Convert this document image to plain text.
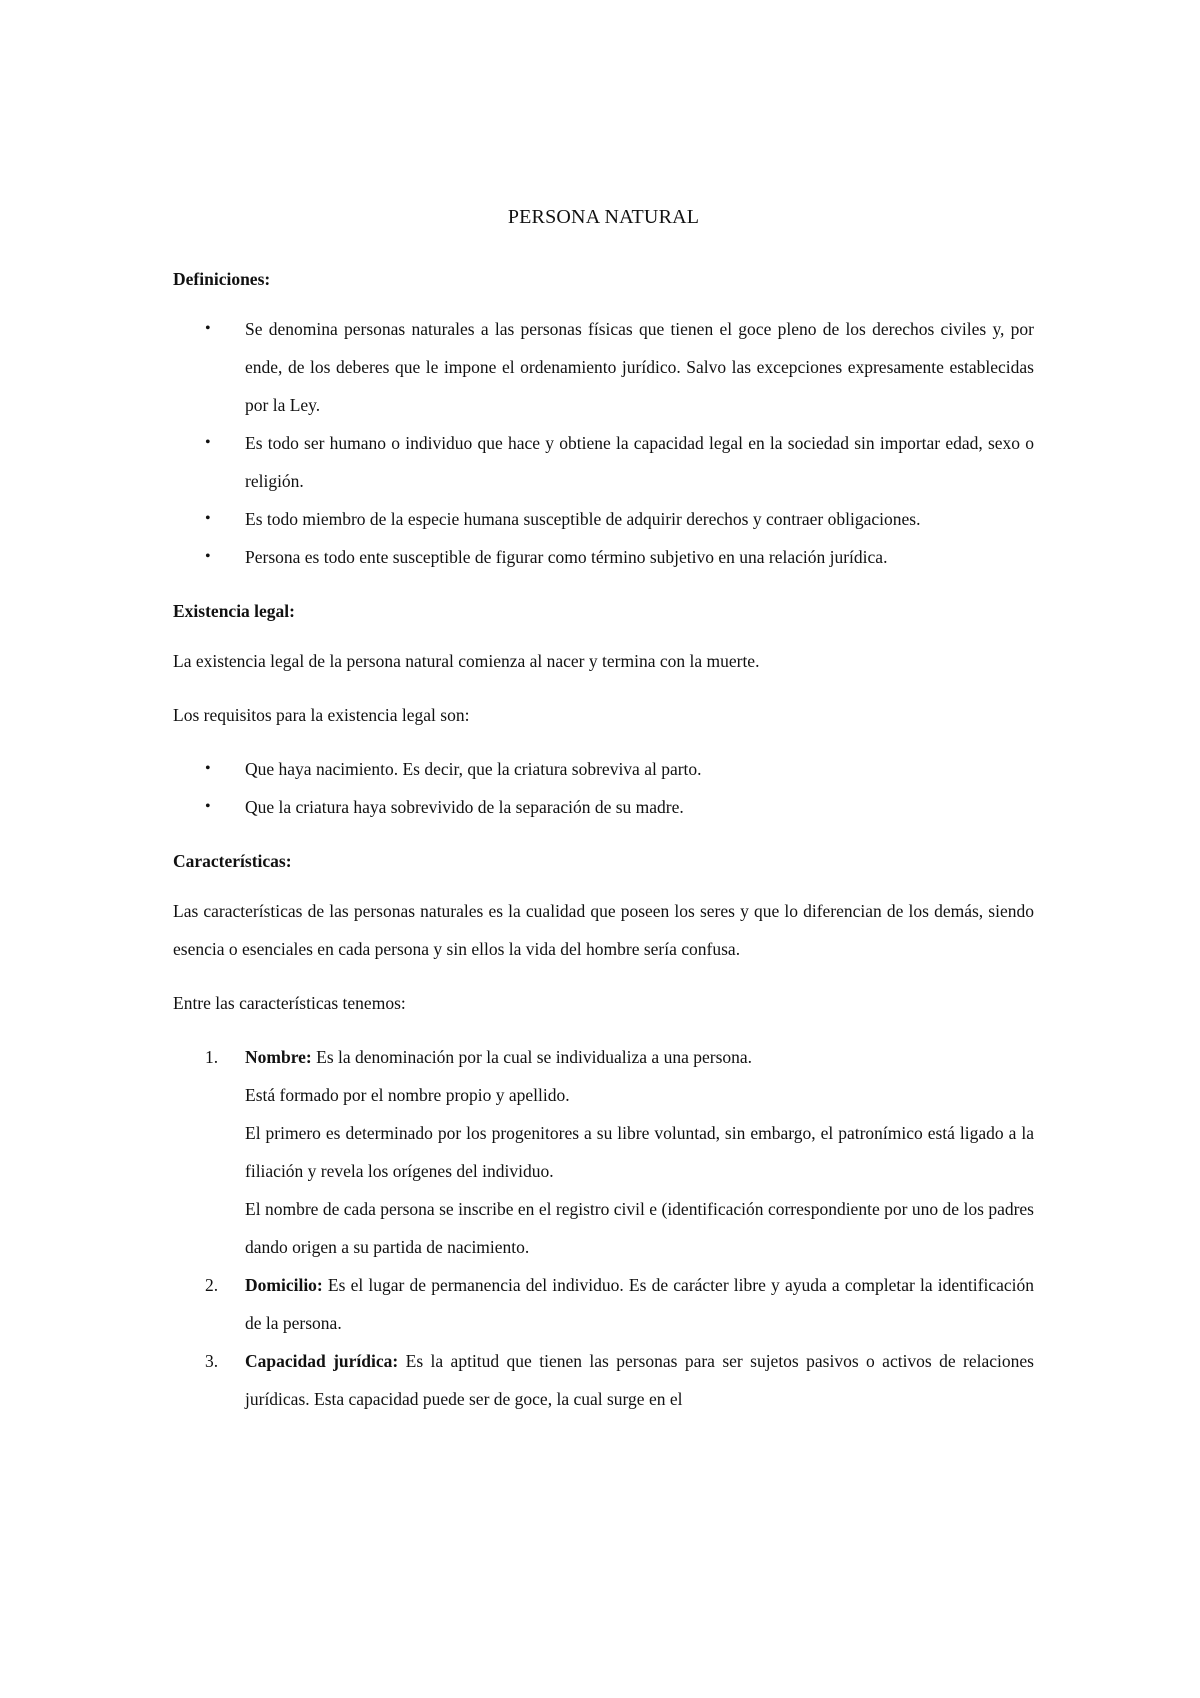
PERSONA NATURAL
Definiciones:
• Se denomina personas naturales a las personas físicas que tienen el goce pleno de los derechos civiles y, por ende, de los deberes que le impone el ordenamiento jurídico. Salvo las excepciones expresamente establecidas por la Ley.
• Es todo ser humano o individuo que hace y obtiene la capacidad legal en la sociedad sin importar edad, sexo o religión.
• Es todo miembro de la especie humana susceptible de adquirir derechos y contraer obligaciones.
• Persona es todo ente susceptible de figurar como término subjetivo en una relación jurídica.
Existencia legal:

La existencia legal de la persona natural comienza al nacer y termina con la muerte.

Los requisitos para la existencia legal son:

• Que haya nacimiento. Es decir, que la criatura sobreviva al parto.
• Que la criatura haya sobrevivido de la separación de su madre.
Características:

Las características de las personas naturales es la cualidad que poseen los seres y que lo diferencian de los demás, siendo esencia o esenciales en cada persona y sin ellos la vida del hombre sería confusa.

Entre las características tenemos:

1. Nombre: Es la denominación por la cual se individualiza a una persona.
Está formado por el nombre propio y apellido.
El primero es determinado por los progenitores a su libre voluntad, sin embargo, el patronímico está ligado a la filiación y revela los orígenes del individuo.
El nombre de cada persona se inscribe en el registro civil e (identificación correspondiente por uno de los padres dando origen a su partida de nacimiento.
2. Domicilio: Es el lugar de permanencia del individuo. Es de carácter libre y ayuda a completar la identificación de la persona.
3. Capacidad jurídica: Es la aptitud que tienen las personas para ser sujetos pasivos o activos de relaciones jurídicas. Esta capacidad puede ser de goce, la cual surge en el
